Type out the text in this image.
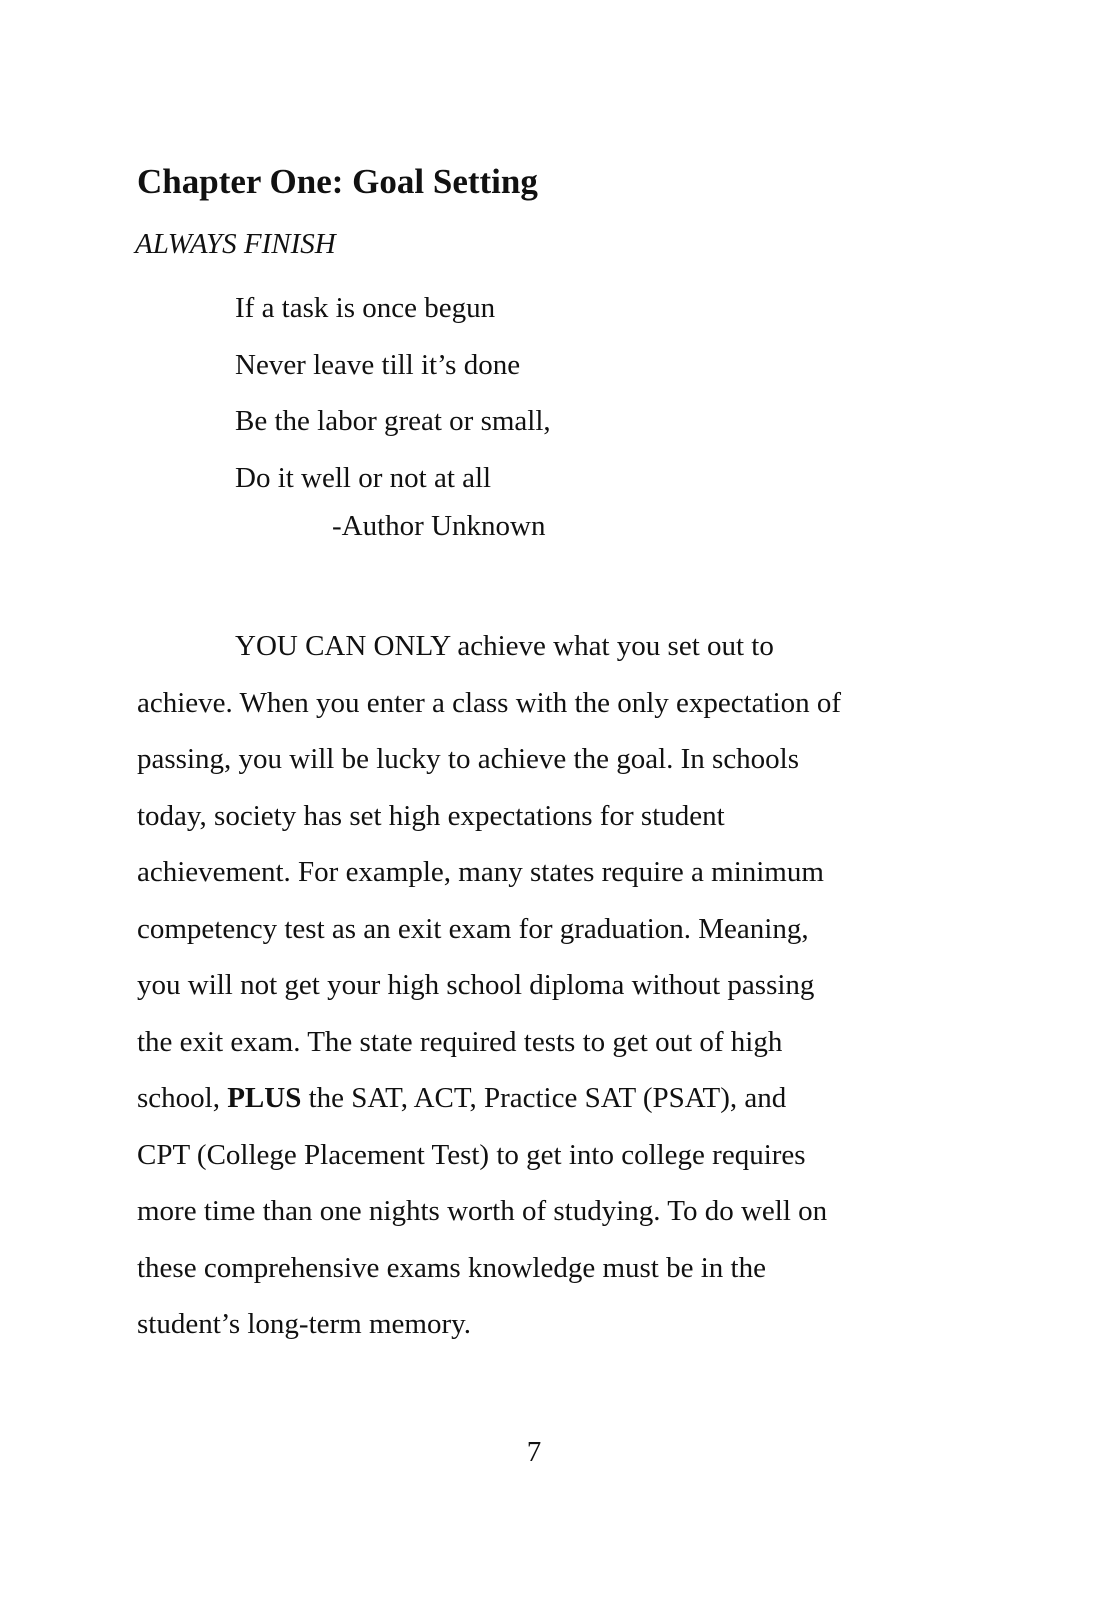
Chapter One: Goal Setting
ALWAYS FINISH
If a task is once begun
Never leave till it’s done
Be the labor great or small,
Do it well or not at all
-Author Unknown
YOU CAN ONLY achieve what you set out to
achieve. When you enter a class with the only expectation of
passing, you will be lucky to achieve the goal. In schools
today, society has set high expectations for student
achievement. For example, many states require a minimum
competency test as an exit exam for graduation. Meaning,
you will not get your high school diploma without passing
the exit exam. The state required tests to get out of high
school, PLUS the SAT, ACT, Practice SAT (PSAT), and
CPT (College Placement Test) to get into college requires
more time than one nights worth of studying. To do well on
these comprehensive exams knowledge must be in the
student’s long-term memory.
7
